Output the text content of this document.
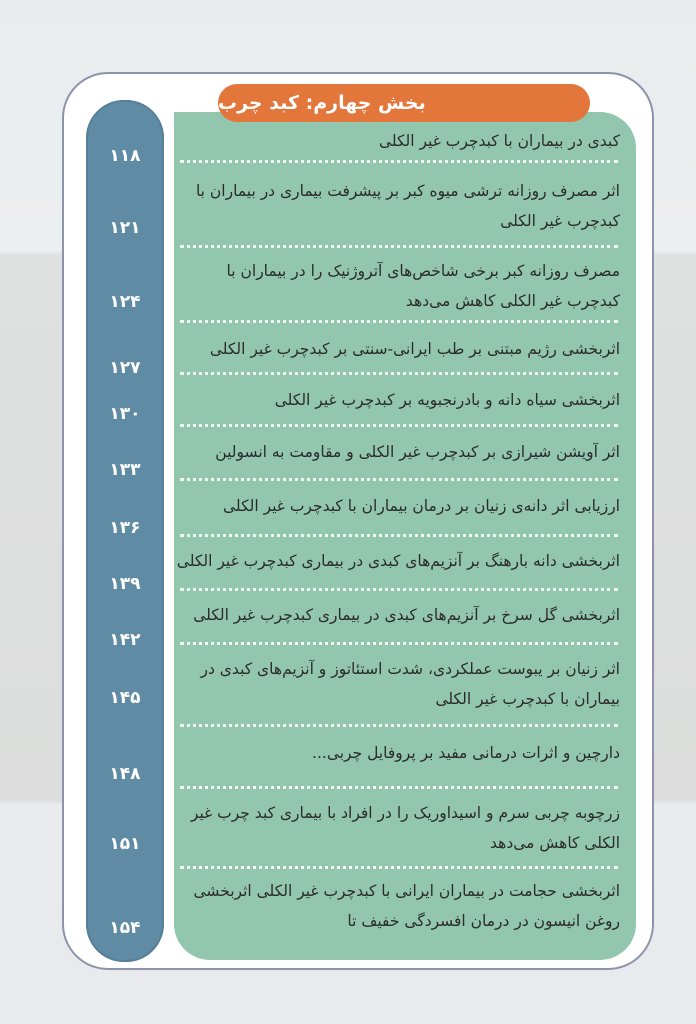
بخش چهارم: کبد چرب
کبدی در بیماران با کبدچرب غیر الکلی
۱۱۸
اثر مصرف روزانه ترشی میوه کبر بر پیشرفت بیماری در بیماران با کبدچرب غیر الکلی
۱۲۱
مصرف روزانه کبر برخی شاخص‌های آتروژنیک را در بیماران با کبدچرب غیر الکلی کاهش می‌دهد
۱۲۴
اثربخشی رژیم مبتنی بر طب ایرانی-سنتی بر کبدچرب غیر الکلی
۱۲۷
اثربخشی سیاه دانه و بادرنجبویه بر کبدچرب غیر الکلی
۱۳۰
اثر آویشن شیرازی بر کبدچرب غیر الکلی و مقاومت به انسولین
۱۳۳
ارزیابی اثر دانه‌ی زنیان بر درمان بیماران با کبدچرب غیر الکلی
۱۳۶
اثربخشی دانه بارهنگ بر آنزیم‌های کبدی در بیماری کبدچرب غیر الکلی
۱۳۹
اثربخشی گل سرخ بر آنزیم‌های کبدی در بیماری کبدچرب غیر الکلی
۱۴۲
اثر زنیان بر یبوست عملکردی، شدت استئاتوز و آنزیم‌های کبدی در بیماران با کبدچرب غیر الکلی
۱۴۵
دارچین و اثرات درمانی مفید بر پروفایل چربی...
۱۴۸
زرچوبه چربی سرم و اسیداوریک را در افراد با بیماری کبد چرب غیر الکلی کاهش می‌دهد
۱۵۱
اثربخشی حجامت در بیماران ایرانی با کبدچرب غیر الکلی اثربخشی روغن انیسون در درمان افسردگی خفیف تا
۱۵۴
